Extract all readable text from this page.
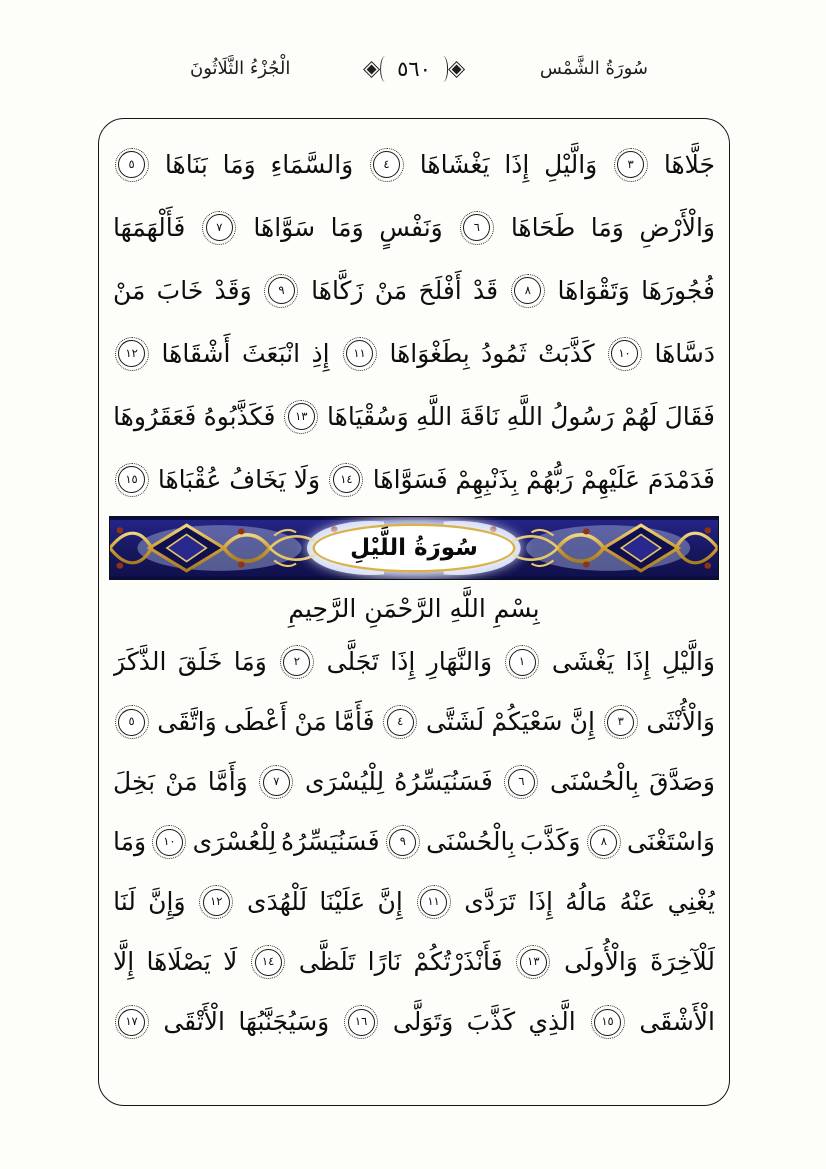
الْجُزْءُ الثَّلَاثُونَ	٥٦٠	سُورَةُ الشَّمْس
جَلَّاهَا
٣
وَالَّيْلِ
إِذَا
يَغْشَاهَا
٤
وَالسَّمَاءِ
وَمَا
بَنَاهَا
٥
وَالْأَرْضِ
وَمَا
طَحَاهَا
٦
وَنَفْسٍ
وَمَا
سَوَّاهَا
٧
فَأَلْهَمَهَا
فُجُورَهَا
وَتَقْوَاهَا
٨
قَدْ
أَفْلَحَ
مَنْ
زَكَّاهَا
٩
وَقَدْ
خَابَ
مَنْ
دَسَّاهَا
١٠
كَذَّبَتْ
ثَمُودُ
بِطَغْوَاهَا
١١
إِذِ
انْبَعَثَ
أَشْقَاهَا
١٢
فَقَالَ
لَهُمْ
رَسُولُ
اللَّهِ
نَاقَةَ
اللَّهِ
وَسُقْيَاهَا
١٣
فَكَذَّبُوهُ
فَعَقَرُوهَا
فَدَمْدَمَ
عَلَيْهِمْ
رَبُّهُمْ
بِذَنْبِهِمْ
فَسَوَّاهَا
١٤
وَلَا
يَخَافُ
عُقْبَاهَا
١٥
سُورَةُ اللَّيْلِ
بِسْمِ اللَّهِ الرَّحْمَنِ الرَّحِيمِ
وَالَّيْلِ
إِذَا
يَغْشَى
١
وَالنَّهَارِ
إِذَا
تَجَلَّى
٢
وَمَا
خَلَقَ
الذَّكَرَ
وَالْأُنْثَى
٣
إِنَّ
سَعْيَكُمْ
لَشَتَّى
٤
فَأَمَّا
مَنْ
أَعْطَى
وَاتَّقَى
٥
وَصَدَّقَ
بِالْحُسْنَى
٦
فَسَنُيَسِّرُهُ
لِلْيُسْرَى
٧
وَأَمَّا
مَنْ
بَخِلَ
وَاسْتَغْنَى
٨
وَكَذَّبَ
بِالْحُسْنَى
٩
فَسَنُيَسِّرُهُ
لِلْعُسْرَى
١٠
وَمَا
يُغْنِي
عَنْهُ
مَالُهُ
إِذَا
تَرَدَّى
١١
إِنَّ
عَلَيْنَا
لَلْهُدَى
١٢
وَإِنَّ
لَنَا
لَلْآخِرَةَ
وَالْأُولَى
١٣
فَأَنْذَرْتُكُمْ
نَارًا
تَلَظَّى
١٤
لَا
يَصْلَاهَا
إِلَّا
الْأَشْقَى
١٥
الَّذِي
كَذَّبَ
وَتَوَلَّى
١٦
وَسَيُجَنَّبُهَا
الْأَتْقَى
١٧
